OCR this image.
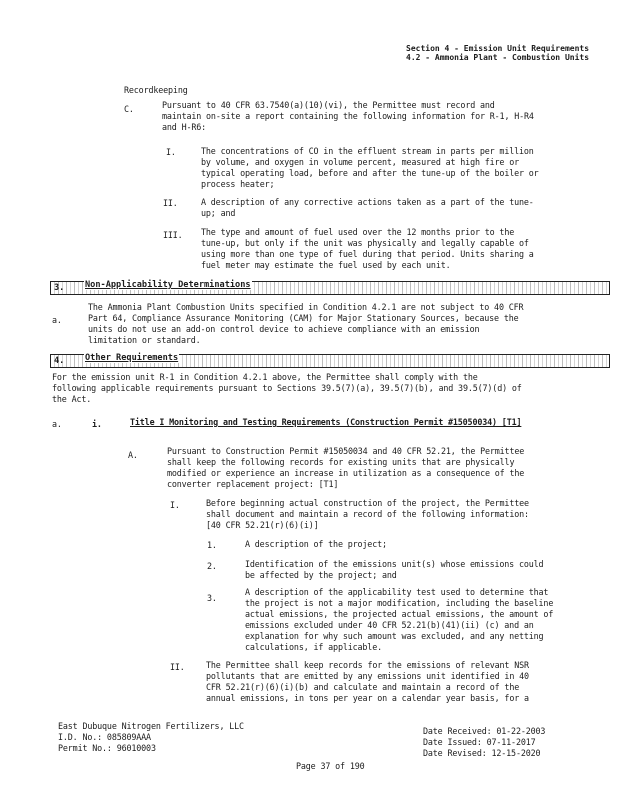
Section 4 - Emission Unit Requirements
4.2 - Ammonia Plant - Combustion Units
Recordkeeping
C.	Pursuant to 40 CFR 63.7540(a)(10)(vi), the Permittee must record and
maintain on-site a report containing the following information for R-1, H-R4
and H-R6:
I.	The concentrations of CO in the effluent stream in parts per million
by volume, and oxygen in volume percent, measured at high fire or
typical operating load, before and after the tune-up of the boiler or
process heater;
II.	A description of any corrective actions taken as a part of the tune-
up; and
III. The type and amount of fuel used over the 12 months prior to the
tune-up, but only if the unit was physically and legally capable of
using more than one type of fuel during that period. Units sharing a
fuel meter may estimate the fuel used by each unit.
3. Non-Applicability Determinations
a.
The Ammonia Plant Combustion Units specified in Condition 4.2.1 are not subject to 40 CFR
Part 64, Compliance Assurance Monitoring (CAM) for Major Stationary Sources, because the
units do not use an add-on control device to achieve compliance with an emission
limitation or standard.
4. Other Requirements
For the emission unit R-1 in Condition 4.2.1 above, the Permittee shall comply with the
following applicable requirements pursuant to Sections 39.5(7)(a), 39.5(7)(b), and 39.5(7)(d) of
the Act.
a.	i.	Title I Monitoring and Testing Requirements (Construction Permit #15050034) [T1]
A.	Pursuant to Construction Permit #15050034 and 40 CFR 52.21, the Permittee
shall keep the following records for existing units that are physically
modified or experience an increase in utilization as a consequence of the
converter replacement project: [T1]
I.	Before beginning actual construction of the project, the Permittee
shall document and maintain a record of the following information:
[40 CFR 52.21(r)(6)(i)]
1.	A description of the project;
2.	Identification of the emissions unit(s) whose emissions could
be affected by the project; and
3.
A description of the applicability test used to determine that
the project is not a major modification, including the baseline
actual emissions, the projected actual emissions, the amount of
emissions excluded under 40 CFR 52.21(b)(41)(ii) (c) and an
explanation for why such amount was excluded, and any netting
calculations, if applicable.
II.	The Permittee shall keep records for the emissions of relevant NSR
pollutants that are emitted by any emissions unit identified in 40
CFR 52.21(r)(6)(i)(b) and calculate and maintain a record of the
annual emissions, in tons per year on a calendar year basis, for a
East Dubuque Nitrogen Fertilizers, LLC
I.D. No.: 085809AAA
Permit No.: 96010003
Date Received: 01-22-2003
Date Issued: 07-11-2017
Date Revised: 12-15-2020
Page 37 of 190
